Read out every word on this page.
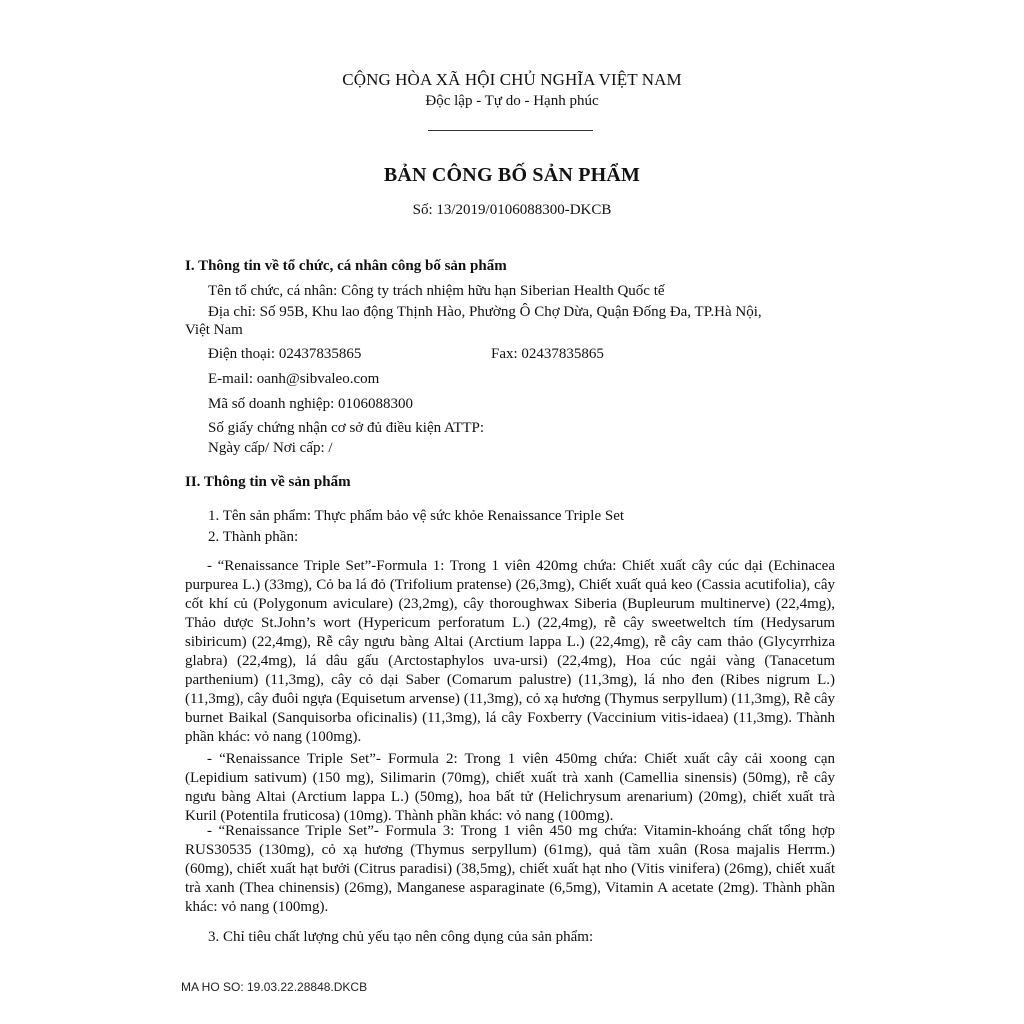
CỘNG HÒA XÃ HỘI CHỦ NGHĨA VIỆT NAM
Độc lập - Tự do - Hạnh phúc
BẢN CÔNG BỐ SẢN PHẨM
Số: 13/2019/0106088300-DKCB
I. Thông tin về tổ chức, cá nhân công bố sản phẩm
Tên tổ chức, cá nhân: Công ty trách nhiệm hữu hạn Siberian Health Quốc tế
Địa chỉ: Số 95B, Khu lao động Thịnh Hào, Phường Ô Chợ Dừa, Quận Đống Đa, TP.Hà Nội,
Việt Nam
Điện thoại: 02437835865	Fax: 02437835865
E-mail: oanh@sibvaleo.com
Mã số doanh nghiệp: 0106088300
Số giấy chứng nhận cơ sở đủ điều kiện ATTP:
Ngày cấp/ Nơi cấp: /
II. Thông tin về sản phẩm
1. Tên sản phẩm: Thực phẩm bảo vệ sức khỏe Renaissance Triple Set
2. Thành phần:

- “Renaissance Triple Set”-Formula 1: Trong 1 viên 420mg chứa: Chiết xuất cây cúc dại (Echinacea purpurea L.) (33mg), Cỏ ba lá đỏ (Trifolium pratense) (26,3mg), Chiết xuất quả keo (Cassia acutifolia), cây cốt khí củ (Polygonum aviculare) (23,2mg), cây thoroughwax Siberia (Bupleurum multinerve) (22,4mg), Thảo dược St.John’s wort (Hypericum perforatum L.) (22,4mg), rễ cây sweetweltch tím (Hedysarum sibiricum) (22,4mg), Rễ cây ngưu bàng Altai (Arctium lappa L.) (22,4mg), rễ cây cam thảo (Glycyrrhiza glabra) (22,4mg), lá dâu gấu (Arctostaphylos uva-ursi) (22,4mg), Hoa cúc ngải vàng (Tanacetum parthenium) (11,3mg), cây cỏ dại Saber (Comarum palustre) (11,3mg), lá nho đen (Ribes nigrum L.) (11,3mg), cây đuôi ngựa (Equisetum arvense) (11,3mg), cỏ xạ hương (Thymus serpyllum) (11,3mg), Rễ cây burnet Baikal (Sanquisorba oficinalis) (11,3mg), lá cây Foxberry (Vaccinium vitis-idaea) (11,3mg). Thành phần khác: vỏ nang (100mg).

- “Renaissance Triple Set”- Formula 2: Trong 1 viên 450mg chứa: Chiết xuất cây cải xoong cạn (Lepidium sativum) (150 mg), Silimarin (70mg), chiết xuất trà xanh (Camellia sinensis) (50mg), rễ cây ngưu bàng Altai (Arctium lappa L.) (50mg), hoa bất tử (Helichrysum arenarium) (20mg), chiết xuất trà Kuril (Potentila fruticosa) (10mg). Thành phần khác: vỏ nang (100mg).

- “Renaissance Triple Set”- Formula 3: Trong 1 viên 450 mg chứa: Vitamin-khoáng chất tổng hợp RUS30535 (130mg), cỏ xạ hương (Thymus serpyllum) (61mg), quả tầm xuân (Rosa majalis Herrm.) (60mg), chiết xuất hạt bưởi (Citrus paradisi) (38,5mg), chiết xuất hạt nho (Vitis vinifera) (26mg), chiết xuất trà xanh (Thea chinensis) (26mg), Manganese asparaginate (6,5mg), Vitamin A acetate (2mg). Thành phần khác: vỏ nang (100mg).

3. Chỉ tiêu chất lượng chủ yếu tạo nên công dụng của sản phẩm:
MA HO SO: 19.03.22.28848.DKCB
